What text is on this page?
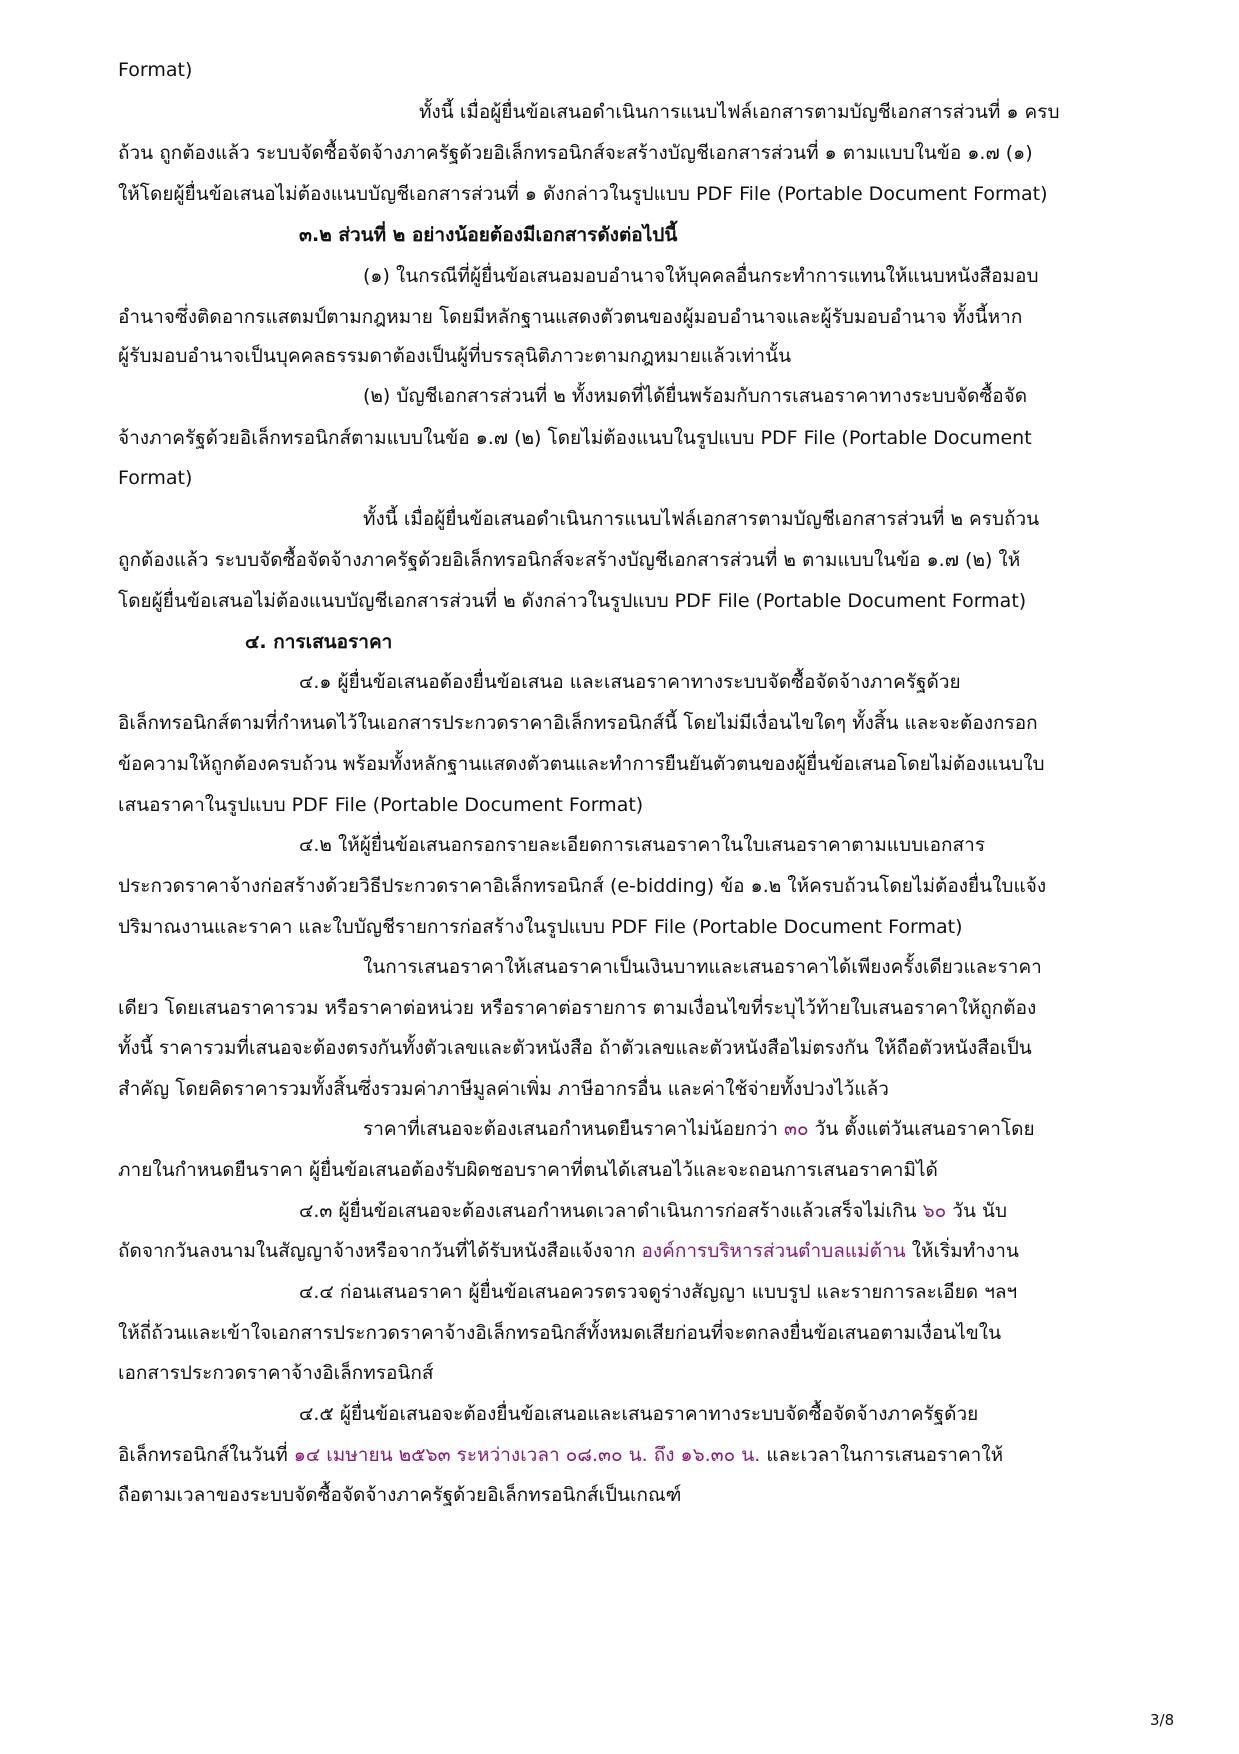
Format)
ทั้งนี้ เมื่อผู้ยื่นข้อเสนอดำเนินการแนบไฟล์เอกสารตามบัญชีเอกสารส่วนที่ ๑ ครบ
ถ้วน ถูกต้องแล้ว ระบบจัดซื้อจัดจ้างภาครัฐด้วยอิเล็กทรอนิกส์จะสร้างบัญชีเอกสารส่วนที่ ๑ ตามแบบในข้อ ๑.๗ (๑)
ให้โดยผู้ยื่นข้อเสนอไม่ต้องแนบบัญชีเอกสารส่วนที่ ๑ ดังกล่าวในรูปแบบ PDF File (Portable Document Format)
๓.๒ ส่วนที่ ๒ อย่างน้อยต้องมีเอกสารดังต่อไปนี้
(๑) ในกรณีที่ผู้ยื่นข้อเสนอมอบอำนาจให้บุคคลอื่นกระทำการแทนให้แนบหนังสือมอบ
อำนาจซึ่งติดอากรแสตมป์ตามกฎหมาย โดยมีหลักฐานแสดงตัวตนของผู้มอบอำนาจและผู้รับมอบอำนาจ ทั้งนี้หาก
ผู้รับมอบอำนาจเป็นบุคคลธรรมดาต้องเป็นผู้ที่บรรลุนิติภาวะตามกฎหมายแล้วเท่านั้น
(๒) บัญชีเอกสารส่วนที่ ๒ ทั้งหมดที่ได้ยื่นพร้อมกับการเสนอราคาทางระบบจัดซื้อจัด
จ้างภาครัฐด้วยอิเล็กทรอนิกส์ตามแบบในข้อ ๑.๗ (๒) โดยไม่ต้องแนบในรูปแบบ PDF File (Portable Document
Format)
ทั้งนี้ เมื่อผู้ยื่นข้อเสนอดำเนินการแนบไฟล์เอกสารตามบัญชีเอกสารส่วนที่ ๒ ครบถ้วน
ถูกต้องแล้ว ระบบจัดซื้อจัดจ้างภาครัฐด้วยอิเล็กทรอนิกส์จะสร้างบัญชีเอกสารส่วนที่ ๒ ตามแบบในข้อ ๑.๗ (๒) ให้
โดยผู้ยื่นข้อเสนอไม่ต้องแนบบัญชีเอกสารส่วนที่ ๒ ดังกล่าวในรูปแบบ PDF File (Portable Document Format)
๔. การเสนอราคา
๔.๑ ผู้ยื่นข้อเสนอต้องยื่นข้อเสนอ และเสนอราคาทางระบบจัดซื้อจัดจ้างภาครัฐด้วย
อิเล็กทรอนิกส์ตามที่กำหนดไว้ในเอกสารประกวดราคาอิเล็กทรอนิกส์นี้ โดยไม่มีเงื่อนไขใดๆ ทั้งสิ้น และจะต้องกรอก
ข้อความให้ถูกต้องครบถ้วน พร้อมทั้งหลักฐานแสดงตัวตนและทำการยืนยันตัวตนของผู้ยื่นข้อเสนอโดยไม่ต้องแนบใบ
เสนอราคาในรูปแบบ PDF File (Portable Document Format)
๔.๒ ให้ผู้ยื่นข้อเสนอกรอกรายละเอียดการเสนอราคาในใบเสนอราคาตามแบบเอกสาร
ประกวดราคาจ้างก่อสร้างด้วยวิธีประกวดราคาอิเล็กทรอนิกส์ (e-bidding) ข้อ ๑.๒ ให้ครบถ้วนโดยไม่ต้องยื่นใบแจ้ง
ปริมาณงานและราคา และใบบัญชีรายการก่อสร้างในรูปแบบ PDF File (Portable Document Format)
ในการเสนอราคาให้เสนอราคาเป็นเงินบาทและเสนอราคาได้เพียงครั้งเดียวและราคา
เดียว โดยเสนอราคารวม หรือราคาต่อหน่วย หรือราคาต่อรายการ ตามเงื่อนไขที่ระบุไว้ท้ายใบเสนอราคาให้ถูกต้อง
ทั้งนี้ ราคารวมที่เสนอจะต้องตรงกันทั้งตัวเลขและตัวหนังสือ ถ้าตัวเลขและตัวหนังสือไม่ตรงกัน ให้ถือตัวหนังสือเป็น
สำคัญ โดยคิดราคารวมทั้งสิ้นซึ่งรวมค่าภาษีมูลค่าเพิ่ม ภาษีอากรอื่น และค่าใช้จ่ายทั้งปวงไว้แล้ว
ราคาที่เสนอจะต้องเสนอกำหนดยืนราคาไม่น้อยกว่า ๓๐ วัน ตั้งแต่วันเสนอราคาโดย
ภายในกำหนดยืนราคา ผู้ยื่นข้อเสนอต้องรับผิดชอบราคาที่ตนได้เสนอไว้และจะถอนการเสนอราคามิได้
๔.๓ ผู้ยื่นข้อเสนอจะต้องเสนอกำหนดเวลาดำเนินการก่อสร้างแล้วเสร็จไม่เกิน ๖๐ วัน นับ
ถัดจากวันลงนามในสัญญาจ้างหรือจากวันที่ได้รับหนังสือแจ้งจาก องค์การบริหารส่วนตำบลแม่ต้าน ให้เริ่มทำงาน
๔.๔ ก่อนเสนอราคา ผู้ยื่นข้อเสนอควรตรวจดูร่างสัญญา แบบรูป และรายการละเอียด ฯลฯ
ให้ถี่ถ้วนและเข้าใจเอกสารประกวดราคาจ้างอิเล็กทรอนิกส์ทั้งหมดเสียก่อนที่จะตกลงยื่นข้อเสนอตามเงื่อนไขใน
เอกสารประกวดราคาจ้างอิเล็กทรอนิกส์
๔.๕ ผู้ยื่นข้อเสนอจะต้องยื่นข้อเสนอและเสนอราคาทางระบบจัดซื้อจัดจ้างภาครัฐด้วย
อิเล็กทรอนิกส์ในวันที่ ๑๔ เมษายน ๒๕๖๓ ระหว่างเวลา ๐๘.๓๐ น. ถึง ๑๖.๓๐ น. และเวลาในการเสนอราคาให้
ถือตามเวลาของระบบจัดซื้อจัดจ้างภาครัฐด้วยอิเล็กทรอนิกส์เป็นเกณฑ์
3/8
